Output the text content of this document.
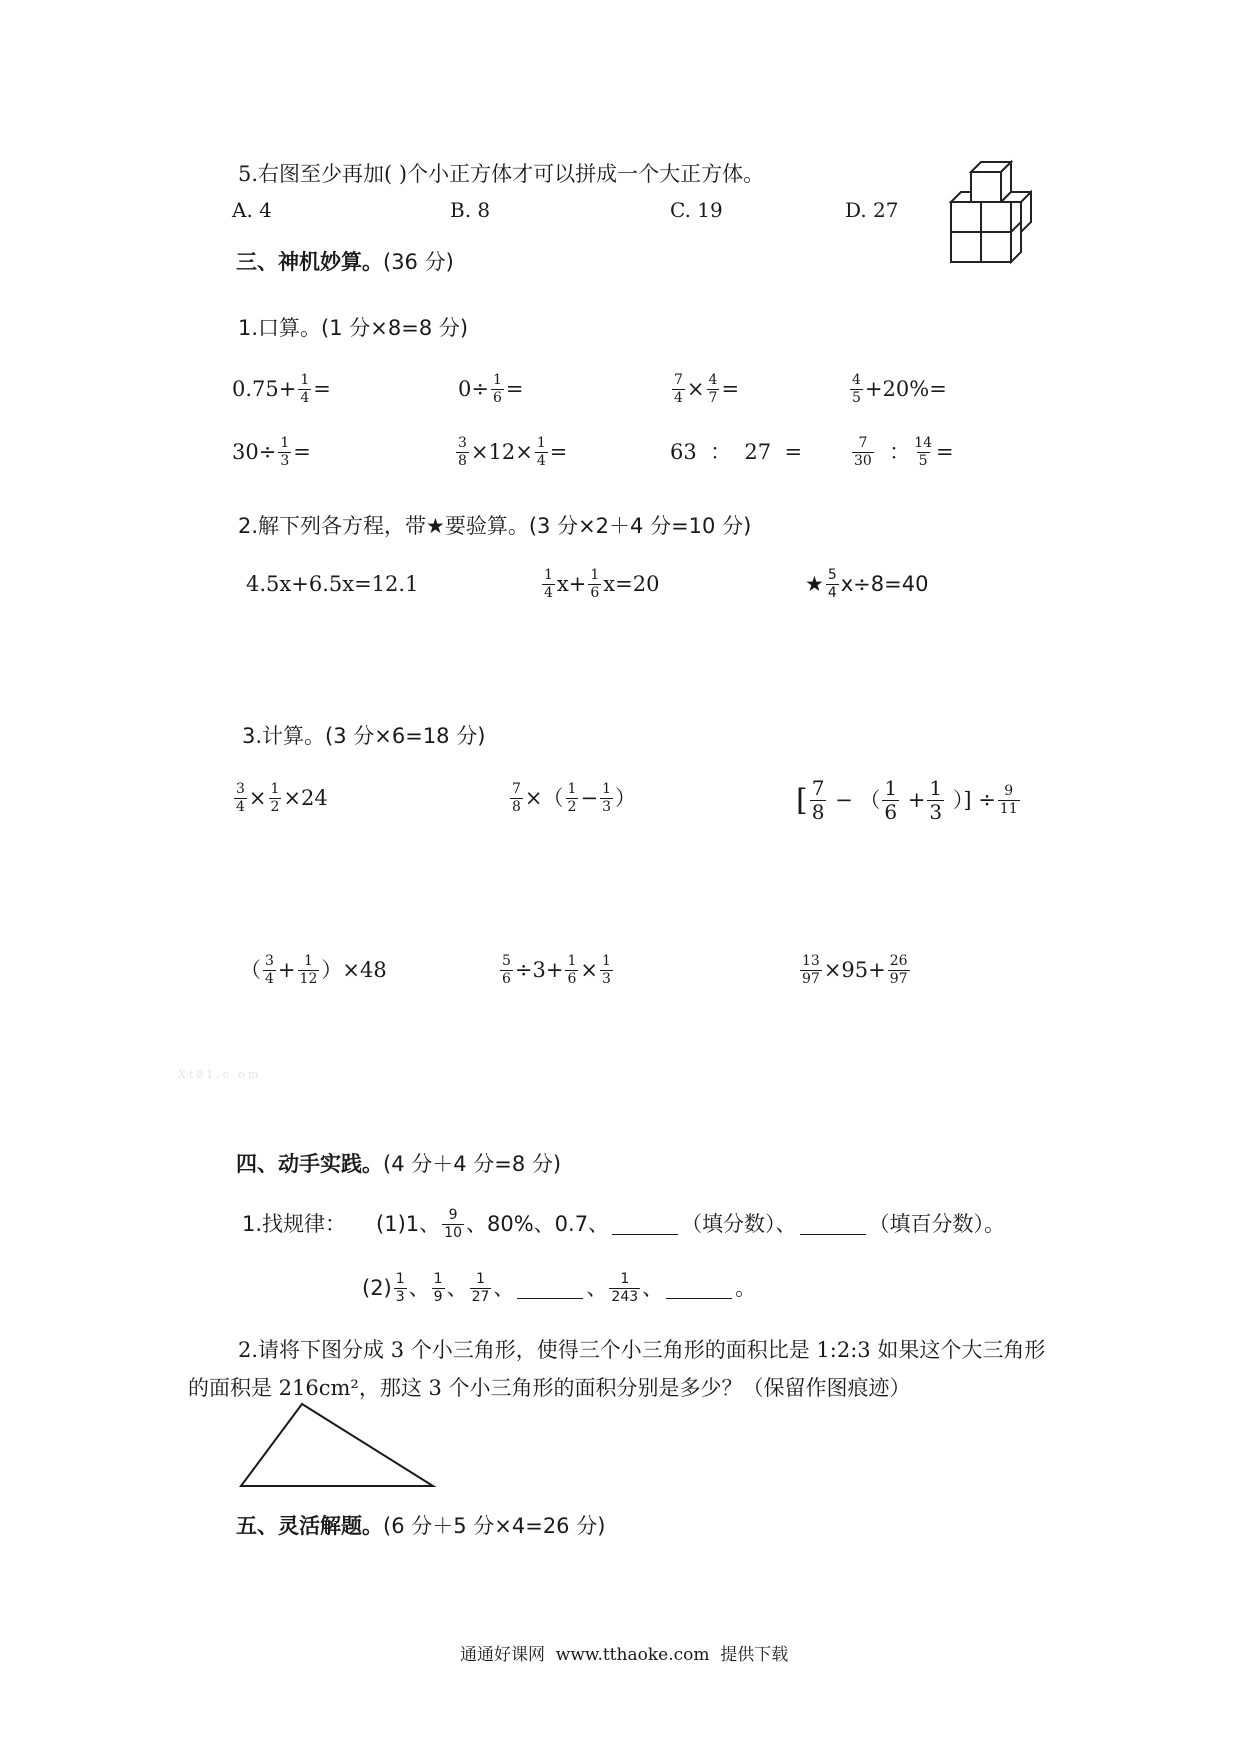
5.右图至少再加( )个小正方体才可以拼成一个大正方体。
A. 4	B. 8	C. 19	D. 27
三、神机妙算。(36 分)
1.口算。(1 分×8=8 分)
$0.75+ \frac{1}{4}$ =	$0\div \frac{1}{6}$ =	$\frac{7}{4} \times \frac{4}{7}$ =	$\frac{4}{5} +20\%=$
$30\div \frac{1}{3}$ =	$\frac{3}{8} \times 12\times \frac{1}{4}$ =	63  ：  27  =	$\frac{7}{30}$ ： $\frac{14}{5}$ =
2.解下列各方程，带★要验算。(3 分×2＋4 分=10 分)
4.5x+6.5x=12.1	$\frac{1}{4} x+ \frac{1}{6} x=20$	★ $\frac{5}{4} x\div 8=40$
3.计算。(3 分×6=18 分)
$\frac{3}{4} \times \frac{1}{2} \times 24$	$\frac{7}{8}$ ×（ $\frac{1}{2} - \frac{1}{3}$ ）	[ $\frac{7}{8}$ − （ $\frac{1}{6} + \frac{1}{3}$ ）] ÷ $\frac{9}{11}$
（ $\frac{3}{4} + \frac{1}{12} )\times 48$	$\frac{5}{6} \div 3+ \frac{1}{6} \times \frac{1}{3}$	$\frac{13}{97} \times 95+ \frac{26}{97}$
Xt81.c om
四、动手实践。(4 分＋4 分=8 分)
1.找规律： (1)1、 $\frac{9}{10}$ 、80%、0.7、	（填分数）、	（填百分数）。
$(2) \frac{1}{3}$ 、 $\frac{1}{9}$ 、 $\frac{1}{27}$ 、	、 $\frac{1}{243}$ 、	。
2.请将下图分成 3 个小三角形，使得三个小三角形的面积比是 1:2:3 如果这个大三角形
的面积是 216cm²，那这 3 个小三角形的面积分别是多少？（保留作图痕迹）
五、灵活解题。(6 分＋5 分×4=26 分)
通通好课网  www.tthaoke.com  提供下载
